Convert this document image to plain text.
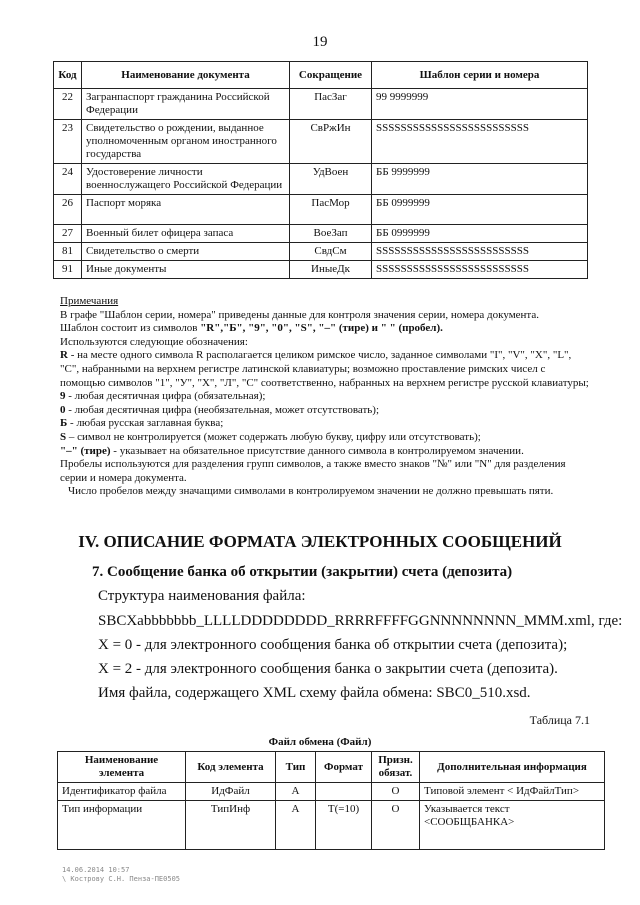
19
Код	Наименование документа	Сокращение	Шаблон серии и номера
22	Загранпаспорт гражданина Российской Федерации	ПасЗаг	99 9999999
23	Свидетельство о рождении, выданное уполномоченным органом иностранного государства	СвРжИн	SSSSSSSSSSSSSSSSSSSSSSSSS
24	Удостоверение личности военнослужащего Российской Федерации	УдВоен	ББ 9999999
26	Паспорт моряка	ПасМор	ББ 0999999
27	Военный билет офицера запаса	ВоеЗап	ББ 0999999
81	Свидетельство о смерти	СвдСм	SSSSSSSSSSSSSSSSSSSSSSSSS
91	Иные документы	ИныеДк	SSSSSSSSSSSSSSSSSSSSSSSSS

Примечания

В графе "Шаблон серии, номера" приведены данные для контроля значения серии, номера документа.

Шаблон состоит из символов "R","Б", "9", "0", "S", "–" (тире) и " " (пробел).

Используются следующие обозначения:

R - на месте одного символа R располагается целиком римское число, заданное символами "I", "V", "X", "L", "C", набранными на верхнем регистре латинской клавиатуры; возможно проставление римских чисел с помощью символов "1", "У", "Х", "Л", "С" соответственно, набранных на верхнем регистре русской клавиатуры;

9 - любая десятичная цифра (обязательная);

0 - любая десятичная цифра (необязательная, может отсутствовать);

Б - любая русская заглавная буква;

S – символ не контролируется (может содержать любую букву, цифру или отсутствовать);

"–" (тире) - указывает на обязательное присутствие данного символа в контролируемом значении.

Пробелы используются для разделения групп символов, а также вместо знаков "№" или "N" для разделения серии и номера документа.

Число пробелов между значащими символами в контролируемом значении не должно превышать пяти.

IV. ОПИСАНИЕ ФОРМАТА ЭЛЕКТРОННЫХ СООБЩЕНИЙ
7. Сообщение банка об открытии (закрытии) счета (депозита)
Структура наименования файла:
SBCXabbbbbbb_LLLLDDDDDDDD_RRRRFFFFGGNNNNNNNN_MMM.xml, где:
X = 0 - для электронного сообщения банка об открытии счета (депозита);
X = 2 - для электронного сообщения банка о закрытии счета (депозита).
Имя файла, содержащего XML схему файла обмена: SBC0_510.xsd.
Таблица 7.1
Файл обмена (Файл)
Наименование элемента	Код элемента	Тип	Формат	Призн. обязат.	Дополнительная информация
Идентификатор файла	ИдФайл	А		О	Типовой элемент < ИдФайлТип>
Тип информации	ТипИнф	А	Т(=10)	О	Указывается текст <СООБЩБАНКА>
14.06.2014 10:57
\ Кострову С.Н. Пенза-ПЕ0505
